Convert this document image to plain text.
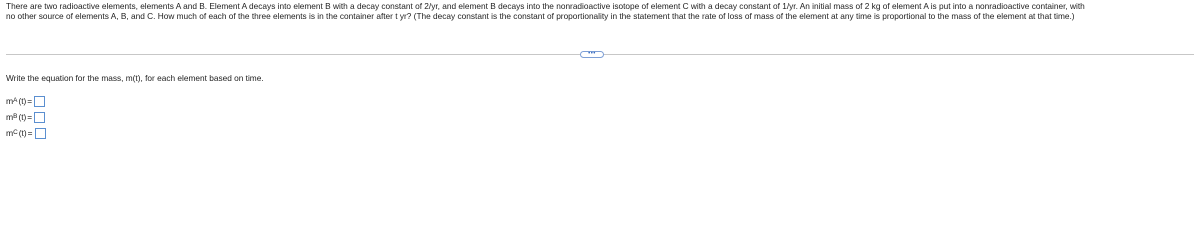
There are two radioactive elements, elements A and B. Element A decays into element B with a decay constant of 2/yr, and element B decays into the nonradioactive isotope of element C with a decay constant of 1/yr. An initial mass of 2 kg of element A is put into a nonradioactive container, with

no other source of elements A, B, and C. How much of each of the three elements is in the container after t yr? (The decay constant is the constant of proportionality in the statement that the rate of loss of mass of the element at any time is proportional to the mass of the element at that time.)

•••
Write the equation for the mass, m(t), for each element based on time.
m A (t) =
m B (t) =
m C (t) =
